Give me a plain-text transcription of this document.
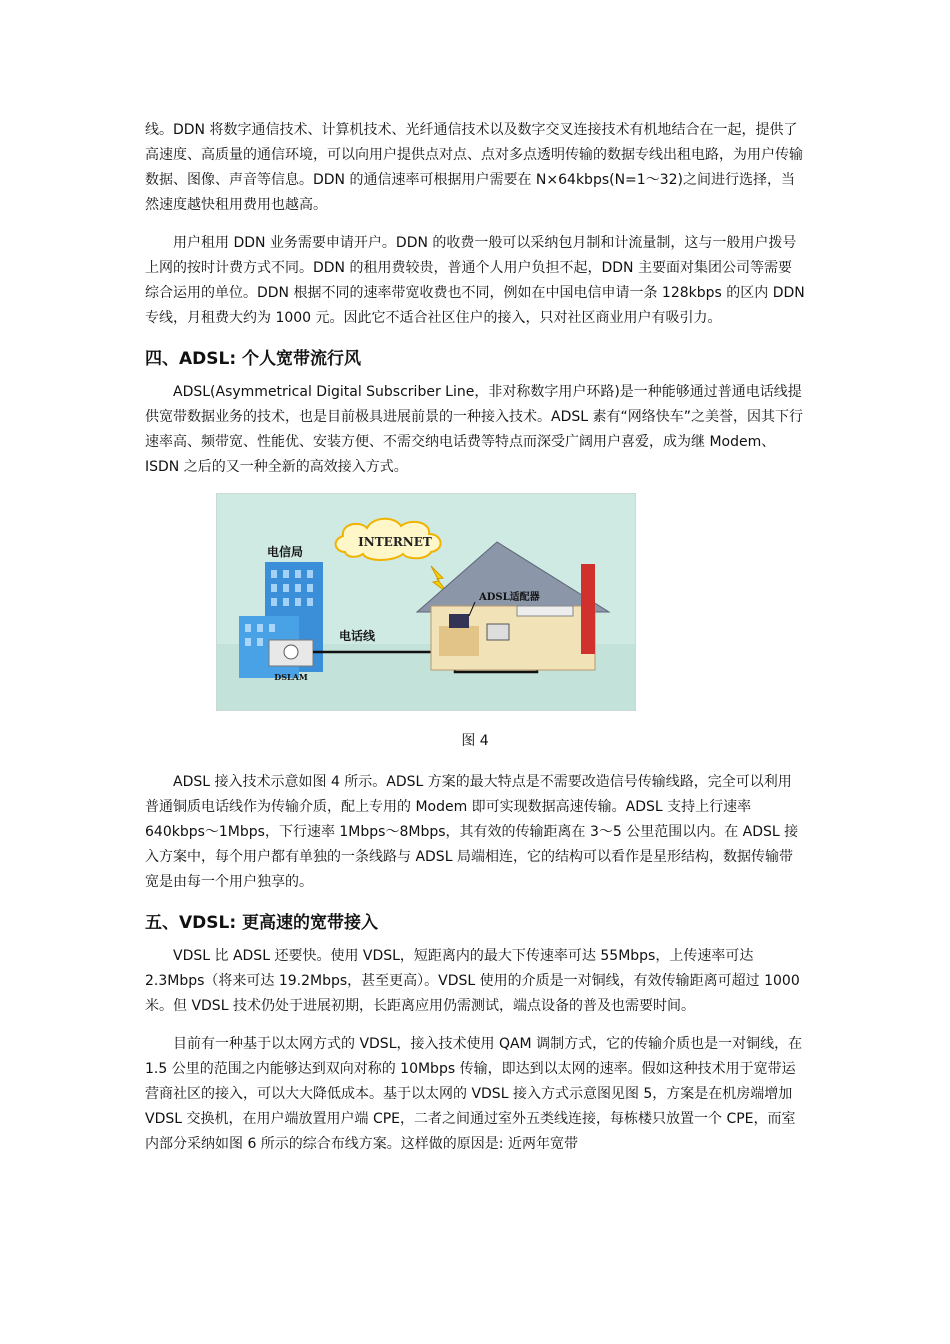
线。DDN 将数字通信技术、计算机技术、光纤通信技术以及数字交叉连接技术有机地结合在一起，提供了高速度、高质量的通信环境，可以向用户提供点对点、点对多点透明传输的数据专线出租电路，为用户传输数据、图像、声音等信息。DDN 的通信速率可根据用户需要在 N×64kbps(N=1～32)之间进行选择，当然速度越快租用费用也越高。

用户租用 DDN 业务需要申请开户。DDN 的收费一般可以采纳包月制和计流量制，这与一般用户拨号上网的按时计费方式不同。DDN 的租用费较贵，普通个人用户负担不起，DDN 主要面对集团公司等需要综合运用的单位。DDN 根据不同的速率带宽收费也不同，例如在中国电信申请一条 128kbps 的区内 DDN 专线，月租费大约为 1000 元。因此它不适合社区住户的接入，只对社区商业用户有吸引力。

四、ADSL: 个人宽带流行风

ADSL(Asymmetrical Digital Subscriber Line，非对称数字用户环路)是一种能够通过普通电话线提供宽带数据业务的技术，也是目前极具进展前景的一种接入技术。ADSL 素有“网络快车”之美誉，因其下行速率高、频带宽、性能优、安装方便、不需交纳电话费等特点而深受广阔用户喜爱，成为继 Modem、ISDN 之后的又一种全新的高效接入方式。

DSLAM
电信局
电话线
INTERNET
ADSL适配器
图 4

ADSL 接入技术示意如图 4 所示。ADSL 方案的最大特点是不需要改造信号传输线路，完全可以利用普通铜质电话线作为传输介质，配上专用的 Modem 即可实现数据高速传输。ADSL 支持上行速率 640kbps～1Mbps，下行速率 1Mbps～8Mbps，其有效的传输距离在 3～5 公里范围以内。在 ADSL 接入方案中，每个用户都有单独的一条线路与 ADSL 局端相连，它的结构可以看作是星形结构，数据传输带宽是由每一个用户独享的。

五、VDSL: 更高速的宽带接入

VDSL 比 ADSL 还要快。使用 VDSL，短距离内的最大下传速率可达 55Mbps，上传速率可达 2.3Mbps（将来可达 19.2Mbps，甚至更高）。VDSL 使用的介质是一对铜线，有效传输距离可超过 1000 米。但 VDSL 技术仍处于进展初期，长距离应用仍需测试，端点设备的普及也需要时间。

目前有一种基于以太网方式的 VDSL，接入技术使用 QAM 调制方式，它的传输介质也是一对铜线，在 1.5 公里的范围之内能够达到双向对称的 10Mbps 传输，即达到以太网的速率。假如这种技术用于宽带运营商社区的接入，可以大大降低成本。基于以太网的 VDSL 接入方式示意图见图 5，方案是在机房端增加 VDSL 交换机，在用户端放置用户端 CPE，二者之间通过室外五类线连接，每栋楼只放置一个 CPE，而室内部分采纳如图 6 所示的综合布线方案。这样做的原因是: 近两年宽带
